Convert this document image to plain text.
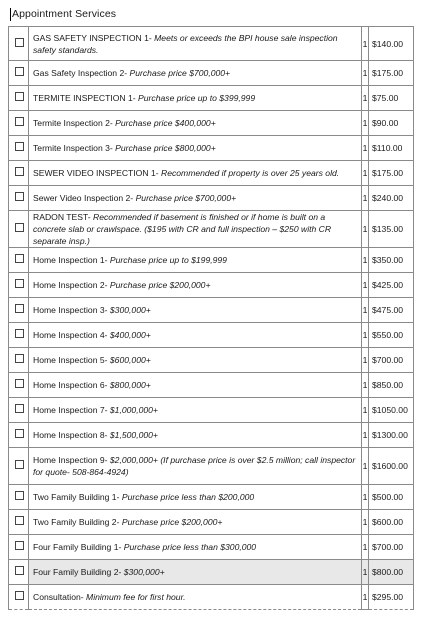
Appointment Services
	GAS SAFETY INSPECTION 1- Meets or exceeds the BPI house sale inspection safety standards.	1	$140.00
	Gas Safety Inspection 2- Purchase price $700,000+	1	$175.00
	TERMITE INSPECTION 1- Purchase price up to $399,999	1	$75.00
	Termite Inspection 2- Purchase price $400,000+	1	$90.00
	Termite Inspection 3- Purchase price $800,000+	1	$110.00
	SEWER VIDEO INSPECTION 1- Recommended if property is over 25 years old.	1	$175.00
	Sewer Video Inspection 2- Purchase price $700,000+	1	$240.00
	RADON TEST- Recommended if basement is finished or if home is built on a concrete slab or crawlspace. ($195 with CR and full inspection – $250 with CR separate insp.)	1	$135.00
	Home Inspection 1- Purchase price up to $199,999	1	$350.00
	Home Inspection 2- Purchase price $200,000+	1	$425.00
	Home Inspection 3- $300,000+	1	$475.00
	Home Inspection 4- $400,000+	1	$550.00
	Home Inspection 5- $600,000+	1	$700.00
	Home Inspection 6- $800,000+	1	$850.00
	Home Inspection 7- $1,000,000+	1	$1050.00
	Home Inspection 8- $1,500,000+	1	$1300.00
	Home Inspection 9- $2,000,000+ (If purchase price is over $2.5 million; call inspector for quote- 508-864-4924)	1	$1600.00
	Two Family Building 1- Purchase price less than $200,000	1	$500.00
	Two Family Building 2- Purchase price $200,000+	1	$600.00
	Four Family Building 1- Purchase price less than $300,000	1	$700.00
	Four Family Building 2- $300,000+	1	$800.00
	Consultation- Minimum fee for first hour.	1	$295.00
